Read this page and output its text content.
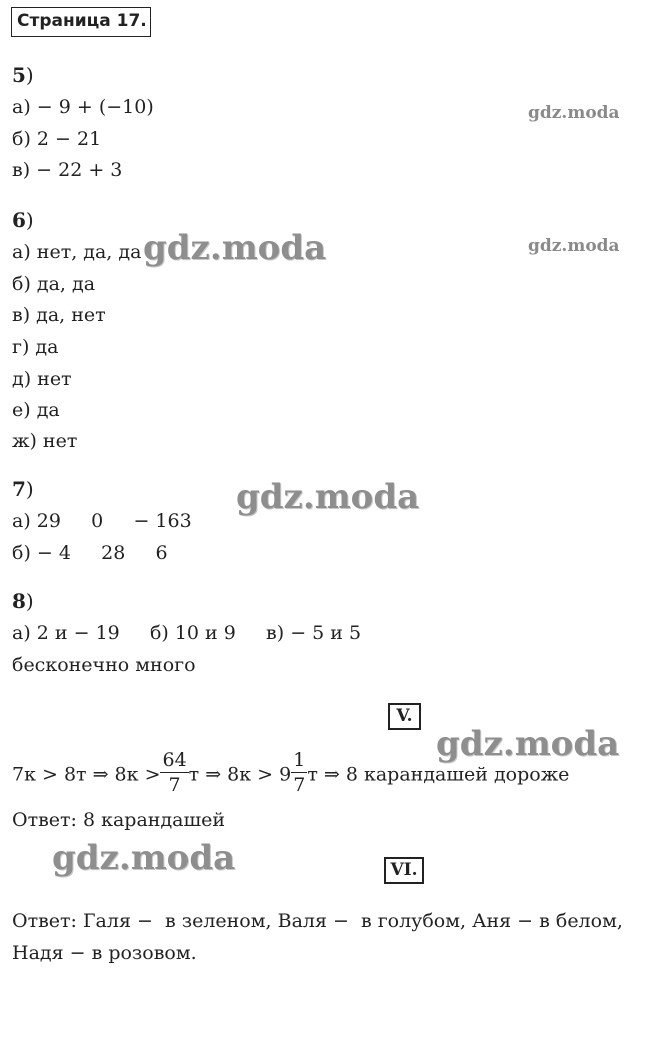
Страница 17.
5)
а) − 9 + (−10)
б) 2 − 21
в) − 22 + 3
6)
а) нет, да, да
б) да, да
в) да, нет
г) да
д) нет
е) да
ж) нет
7)
а) 29     0     − 163
б) − 4     28     6
8)
а) 2 и − 19     б) 10 и 9     в) − 5 и 5
бесконечно много
V.
7к > 8т ⇒ $8к > \frac{64}{7}$ т ⇒ $8к > 9 \frac{1}{7}$ т ⇒ 8 карандашей дороже
Ответ: 8 карандашей
VI.
Ответ: Галя −  в зеленом, Валя −  в голубом, Аня − в белом,
Надя − в розовом.
gdz.moda
gdz.moda
gdz.moda
gdz.moda
gdz.moda
gdz.moda
